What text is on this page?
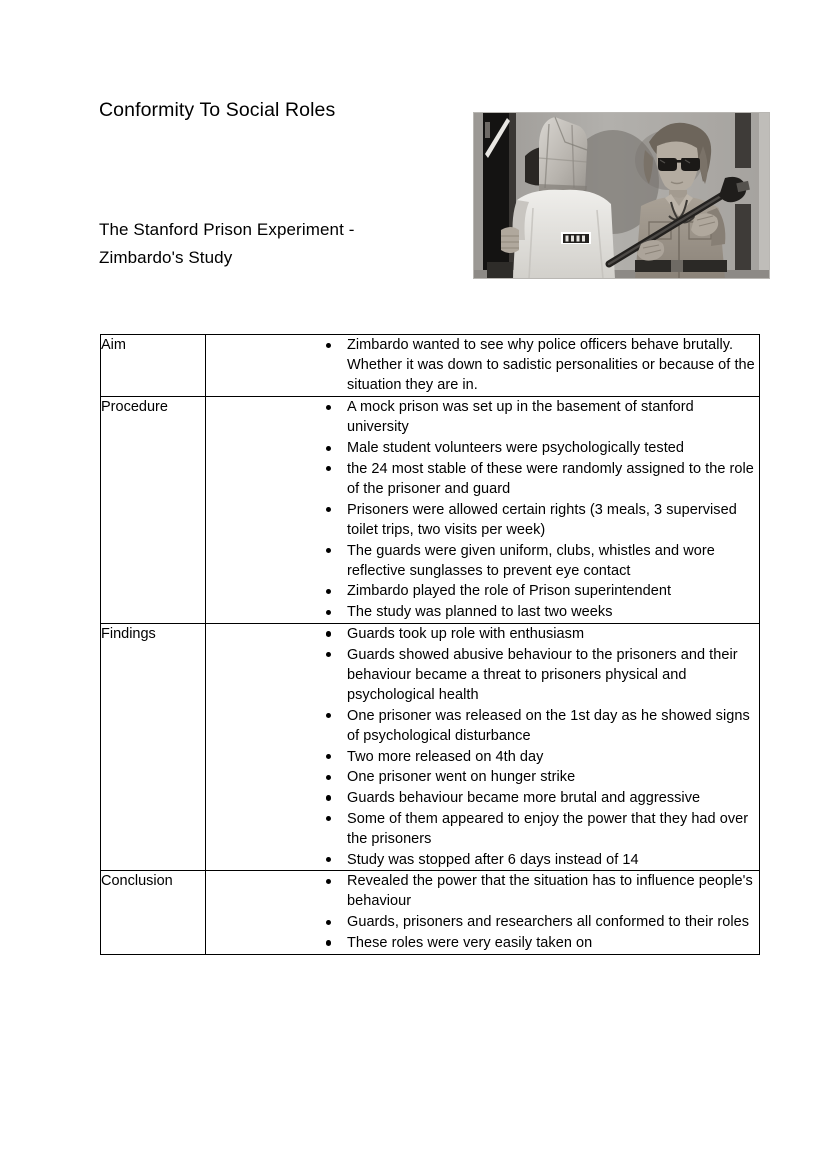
Conformity To Social Roles
The Stanford Prison Experiment - Zimbardo's Study
Aim	Zimbardo wanted to see why police officers behave brutally. Whether it was down to sadistic personalities or because of the situation they are in.

Procedure	A mock prison was set up in the basement of stanford university
Male student volunteers were psychologically tested
the 24 most stable of these were randomly assigned to the role of the prisoner and guard
Prisoners were allowed certain rights (3 meals, 3 supervised toilet trips, two visits per week)
The guards were given uniform, clubs, whistles and wore reflective sunglasses to prevent eye contact
Zimbardo played the role of Prison superintendent
The study was planned to last two weeks

Findings	Guards took up role with enthusiasm
Guards showed abusive behaviour to the prisoners and their behaviour became a threat to prisoners physical and psychological health
One prisoner was released on the 1st day as he showed signs of psychological disturbance
Two more released on 4th day
One prisoner went on hunger strike
Guards behaviour became more brutal and aggressive
Some of them appeared to enjoy the power that they had over the prisoners
Study was stopped after 6 days instead of 14

Conclusion	Revealed the power that the situation has to influence people's behaviour
Guards, prisoners and researchers all conformed to their roles
These roles were very easily taken on
